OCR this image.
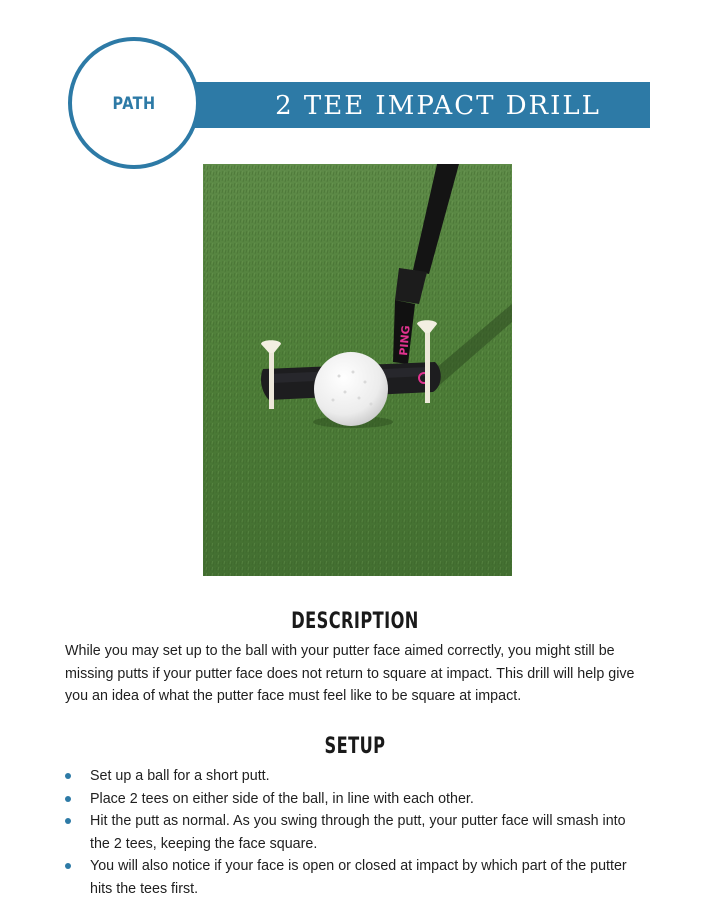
2 TEE IMPACT DRILL
PATH
PING
DESCRIPTION

While you may set up to the ball with your putter face aimed correctly, you might still be missing putts if your putter face does not return to square at impact. This drill will help give you an idea of what the putter face must feel like to be square at impact.

SETUP
Set up a ball for a short putt.
Place 2 tees on either side of the ball, in line with each other.
Hit the putt as normal. As you swing through the putt, your putter face will smash into the 2 tees, keeping the face square.
You will also notice if your face is open or closed at impact by which part of the putter hits the tees first.
